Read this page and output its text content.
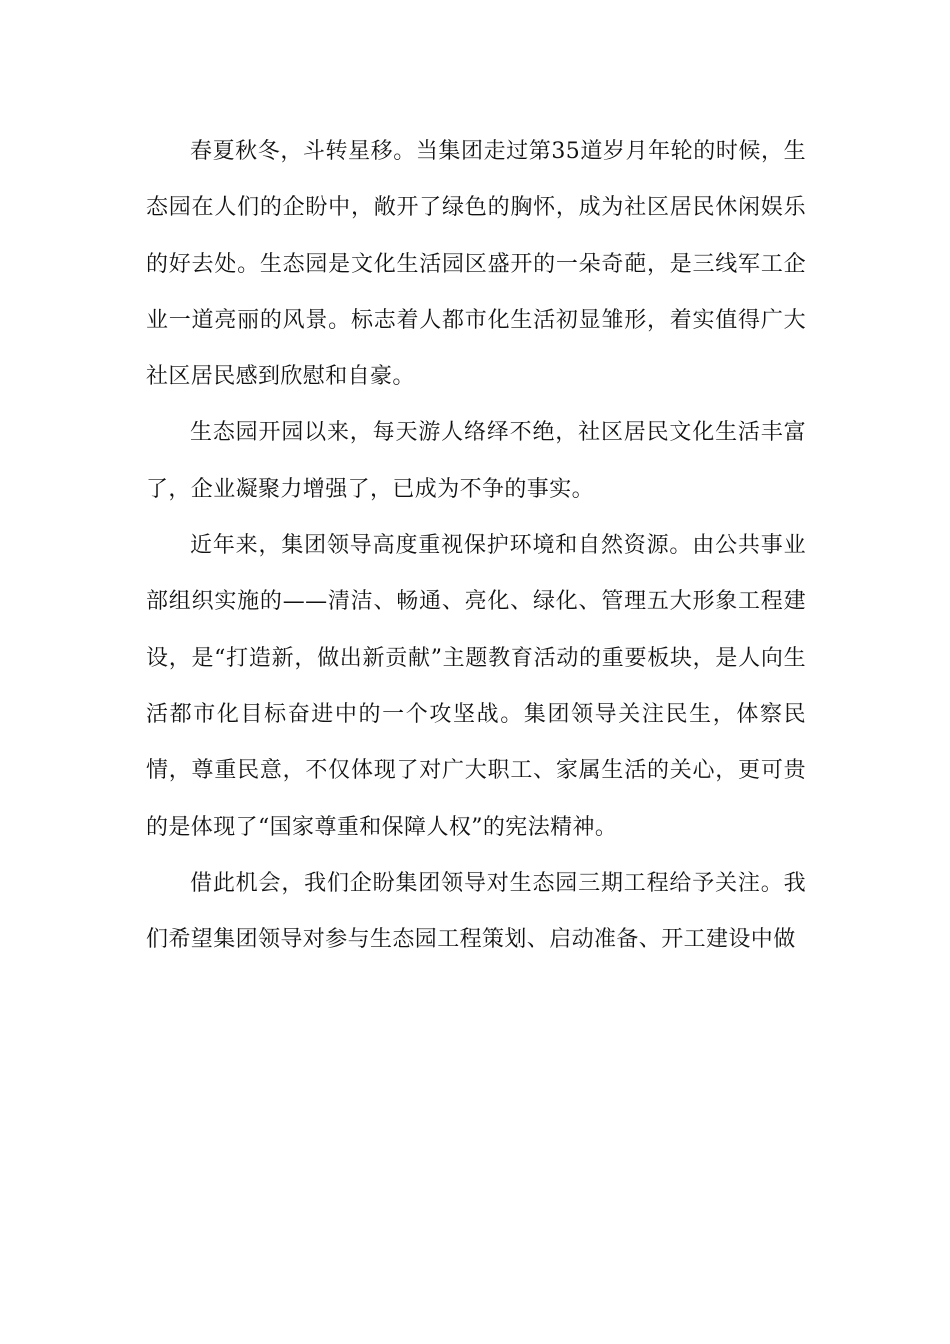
春夏秋冬，斗转星移。当集团走过第35道岁月年轮的时候，生态园在人们的企盼中，敞开了绿色的胸怀，成为社区居民休闲娱乐的好去处。生态园是文化生活园区盛开的一朵奇葩，是三线军工企业一道亮丽的风景。标志着人都市化生活初显雏形，着实值得广大社区居民感到欣慰和自豪。

生态园开园以来，每天游人络绎不绝，社区居民文化生活丰富了，企业凝聚力增强了，已成为不争的事实。

近年来，集团领导高度重视保护环境和自然资源。由公共事业部组织实施的——清洁、畅通、亮化、绿化、管理五大形象工程建设，是“打造新，做出新贡献”主题教育活动的重要板块，是人向生活都市化目标奋进中的一个攻坚战。集团领导关注民生，体察民情，尊重民意，不仅体现了对广大职工、家属生活的关心，更可贵的是体现了“国家尊重和保障人权”的宪法精神。

借此机会，我们企盼集团领导对生态园三期工程给予关注。我们希望集团领导对参与生态园工程策划、启动准备、开工建设中做
